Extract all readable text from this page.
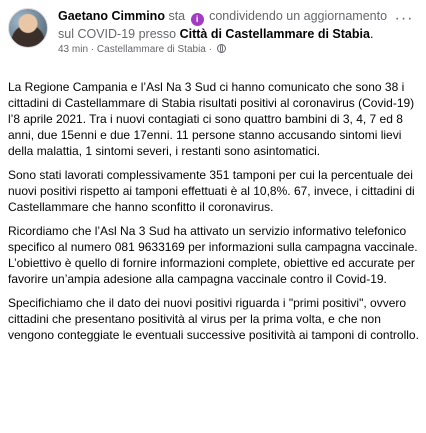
Gaetano Cimmino sta i condividendo un aggiornamento sul COVID-19 presso Città di Castellammare di Stabia.
43 min · Castellammare di Stabia ·
···

La Regione Campania e l’Asl Na 3 Sud ci hanno comunicato che sono 38 i cittadini di Castellammare di Stabia risultati positivi al coronavirus (Covid-19) l’8 aprile 2021. Tra i nuovi contagiati ci sono quattro bambini di 3, 4, 7 ed 8 anni, due 15enni e due 17enni. 11 persone stanno accusando sintomi lievi della malattia, 1 sintomi severi, i restanti sono asintomatici.

Sono stati lavorati complessivamente 351 tamponi per cui la percentuale dei nuovi positivi rispetto ai tamponi effettuati è al 10,8%. 67, invece, i cittadini di Castellammare che hanno sconfitto il coronavirus.

Ricordiamo che l’Asl Na 3 Sud ha attivato un servizio informativo telefonico specifico al numero 081 9633169 per informazioni sulla campagna vaccinale. L’obiettivo è quello di fornire informazioni complete, obiettive ed accurate per favorire un’ampia adesione alla campagna vaccinale contro il Covid-19.

Specifichiamo che il dato dei nuovi positivi riguarda i "primi positivi", ovvero cittadini che presentano positività al virus per la prima volta, e che non vengono conteggiate le eventuali successive positività ai tamponi di controllo.
